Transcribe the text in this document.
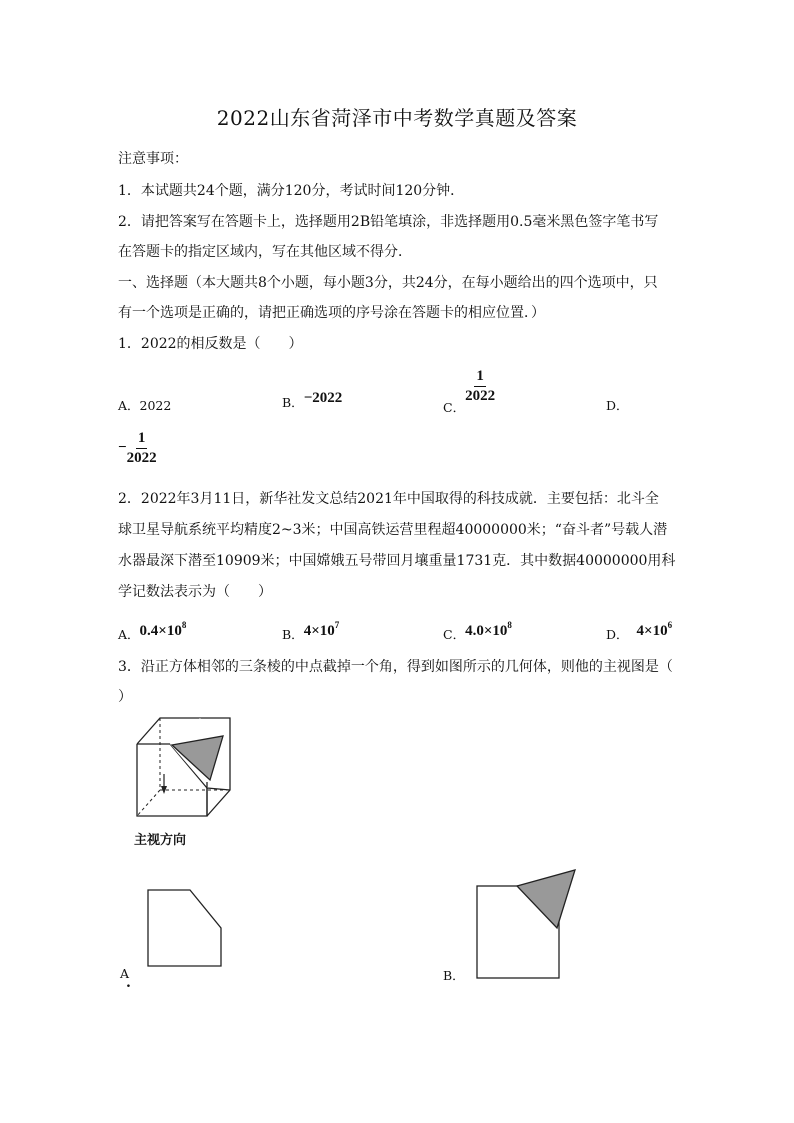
2022山东省菏泽市中考数学真题及答案
注意事项：
1．本试题共24个题，满分120分，考试时间120分钟．
2．请把答案写在答题卡上，选择题用2B铅笔填涂，非选择题用0.5毫米黑色签字笔书写
在答题卡的指定区域内，写在其他区域不得分．
一、选择题（本大题共8个小题，每小题3分，共24分，在每小题给出的四个选项中，只
有一个选项是正确的，请把正确选项的序号涂在答题卡的相应位置．）
1．2022的相反数是（　　）
A．2022	B．−2022
C．
$\frac{1}{2022}$
D．
− $\frac{1}{2022}$
2．2022年3月11日，新华社发文总结2021年中国取得的科技成就．主要包括：北斗全
球卫星导航系统平均精度2~3米；中国高铁运营里程超40000000米；“奋斗者”号载人潜
水器最深下潜至10909米；中国嫦娥五号带回月壤重量1731克．其中数据40000000用科
学记数法表示为（　　）
A．$0.4\times 10^8$
B．$4\times 10^7$
C．$4.0\times 10^8$
D． $4\times 10^6$
3．沿正方体相邻的三条棱的中点截掉一个角，得到如图所示的几何体，则他的主视图是（
）
主视方向
A
.	B．
